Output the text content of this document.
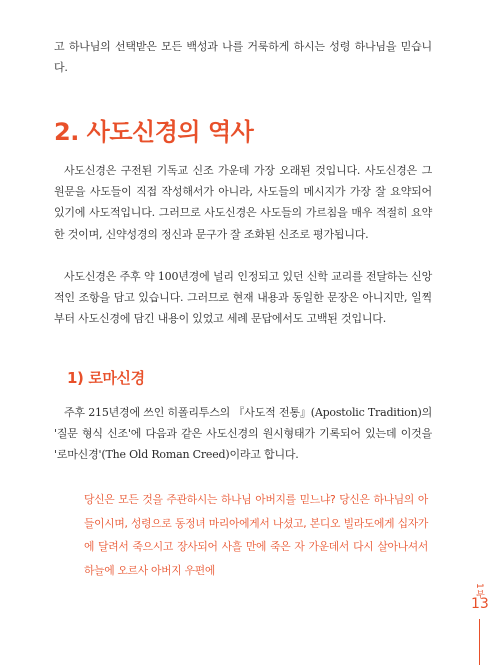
고 하나님의 선택받은 모든 백성과 나를 거룩하게 하시는 성령 하나님을 믿습니다.

2. 사도신경의 역사

사도신경은 구전된 기독교 신조 가운데 가장 오래된 것입니다. 사도신경은 그 원문을 사도들이 직접 작성해서가 아니라, 사도들의 메시지가 가장 잘 요약되어 있기에 사도적입니다. 그러므로 사도신경은 사도들의 가르침을 매우 적절히 요약한 것이며, 신약성경의 정신과 문구가 잘 조화된 신조로 평가됩니다.

사도신경은 주후 약 100년경에 널리 인정되고 있던 신학 교리를 전달하는 신앙적인 조항을 담고 있습니다. 그러므로 현재 내용과 동일한 문장은 아니지만, 일찍부터 사도신경에 담긴 내용이 있었고 세례 문답에서도 고백된 것입니다.

1) 로마신경

주후 215년경에 쓰인 히폴리투스의 『사도적 전통』(Apostolic Tradition)의 '질문 형식 신조'에 다음과 같은 사도신경의 원시형태가 기록되어 있는데 이것을 '로마신경'(The Old Roman Creed)이라고 합니다.

당신은 모든 것을 주관하시는 하나님 아버지를 믿느냐? 당신은 하나님의 아들이시며, 성령으로 동정녀 마리아에게서 나셨고, 본디오 빌라도에게 십자가에 달려서 죽으시고 장사되어 사흘 만에 죽은 자 가운데서 다시 살아나셔서 하늘에 오르사 아버지 우편에

1부
13
